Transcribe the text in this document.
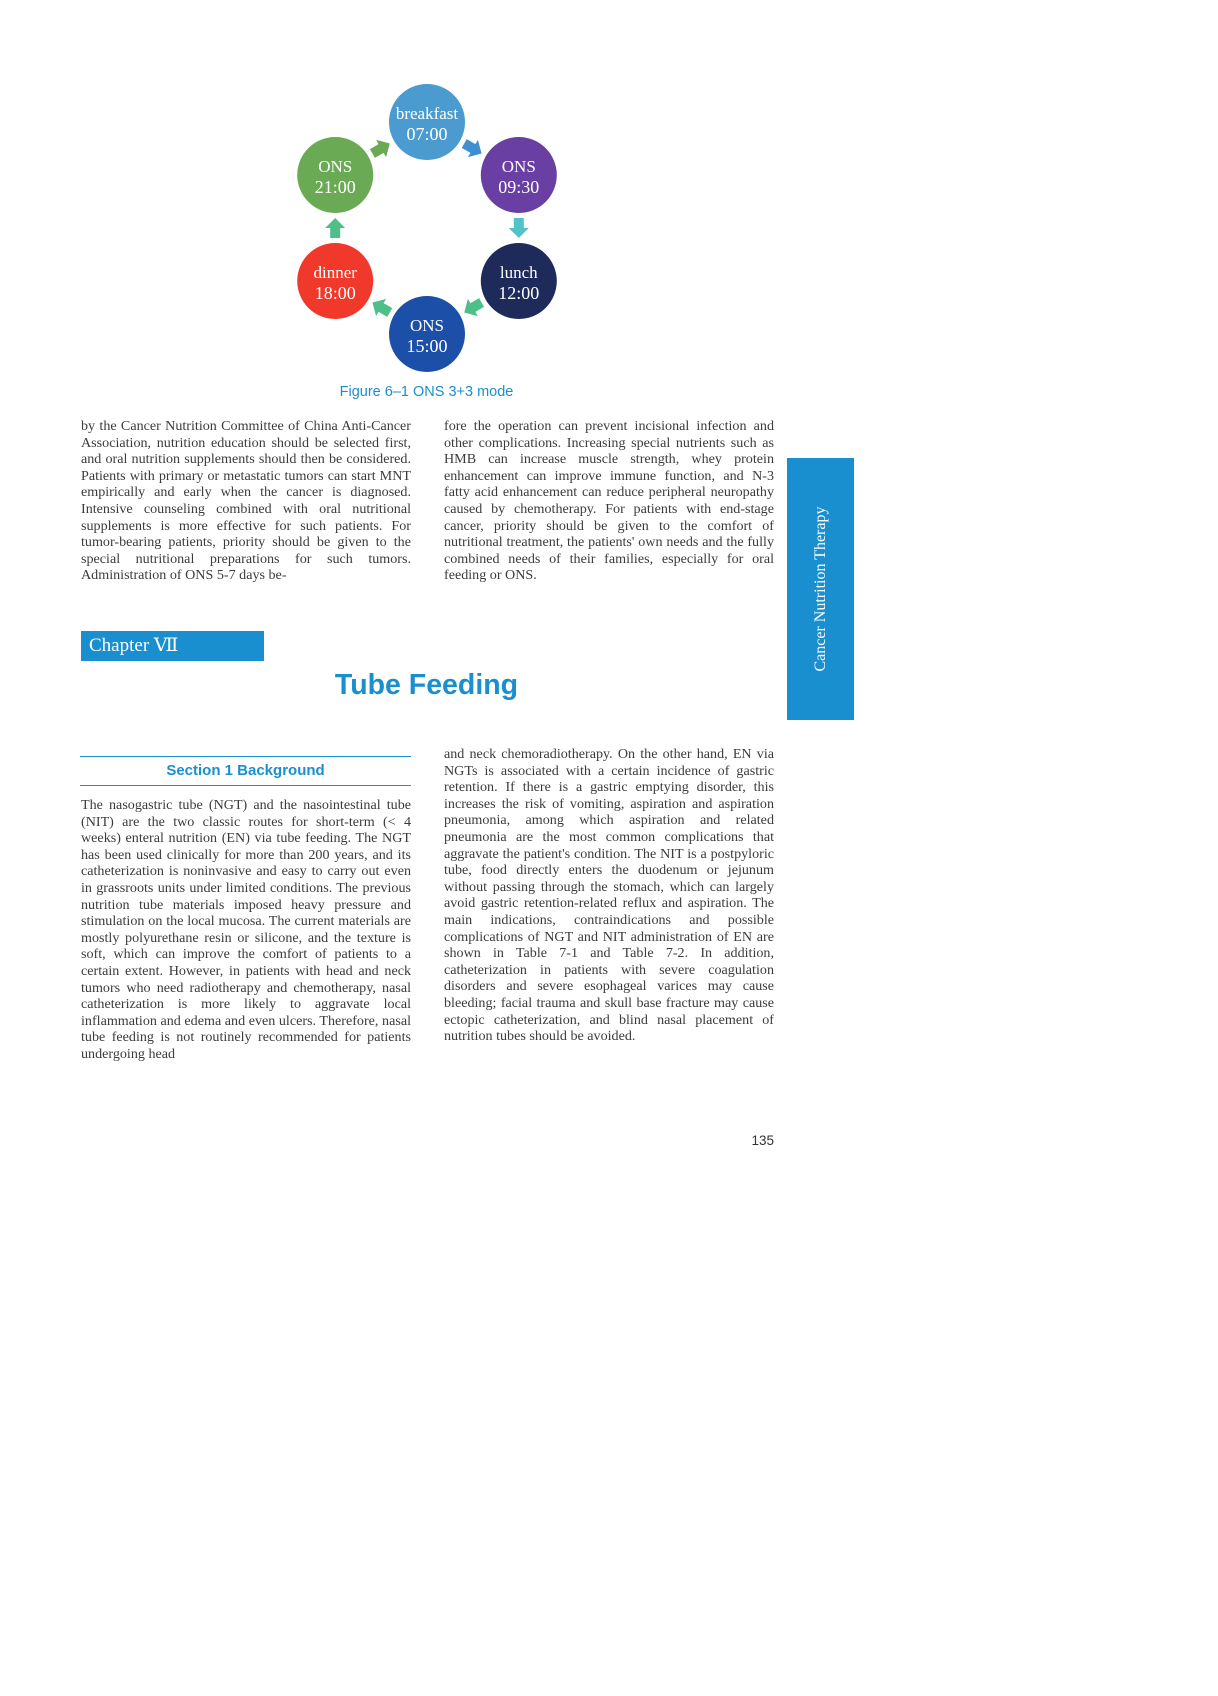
breakfast
07:00
ONS
09:30
lunch
12:00
ONS
15:00
dinner
18:00
ONS
21:00
Figure 6–1 ONS 3+3 mode

by the Cancer Nutrition Committee of China Anti-Cancer Association, nutrition education should be selected first, and oral nutrition supplements should then be considered. Patients with primary or metastatic tumors can start MNT empirically and early when the cancer is diagnosed. Intensive counseling combined with oral nutritional supplements is more effective for such patients. For tumor-bearing patients, priority should be given to the special nutritional preparations for such tumors. Administration of ONS 5-7 days be-

fore the operation can prevent incisional infection and other complications. Increasing special nutrients such as HMB can increase muscle strength, whey protein enhancement can improve immune function, and N-3 fatty acid enhancement can reduce peripheral neuropathy caused by chemotherapy. For patients with end-stage cancer, priority should be given to the comfort of nutritional treatment, the patients' own needs and the fully combined needs of their families, especially for oral feeding or ONS.

Chapter Ⅶ
Tube Feeding
Section 1 Background

The nasogastric tube (NGT) and the nasointestinal tube (NIT) are the two classic routes for short-term (< 4 weeks) enteral nutrition (EN) via tube feeding. The NGT has been used clinically for more than 200 years, and its catheterization is noninvasive and easy to carry out even in grassroots units under limited conditions. The previous nutrition tube materials imposed heavy pressure and stimulation on the local mucosa. The current materials are mostly polyurethane resin or silicone, and the texture is soft, which can improve the comfort of patients to a certain extent. However, in patients with head and neck tumors who need radiotherapy and chemotherapy, nasal catheterization is more likely to aggravate local inflammation and edema and even ulcers. Therefore, nasal tube feeding is not routinely recommended for patients undergoing head

and neck chemoradiotherapy. On the other hand, EN via NGTs is associated with a certain incidence of gastric retention. If there is a gastric emptying disorder, this increases the risk of vomiting, aspiration and aspiration pneumonia, among which aspiration and related pneumonia are the most common complications that aggravate the patient's condition. The NIT is a postpyloric tube, food directly enters the duodenum or jejunum without passing through the stomach, which can largely avoid gastric retention-related reflux and aspiration. The main indications, contraindications and possible complications of NGT and NIT administration of EN are shown in Table 7-1 and Table 7-2. In addition, catheterization in patients with severe coagulation disorders and severe esophageal varices may cause bleeding; facial trauma and skull base fracture may cause ectopic catheterization, and blind nasal placement of nutrition tubes should be avoided.

Cancer Nutrition Therapy
135
